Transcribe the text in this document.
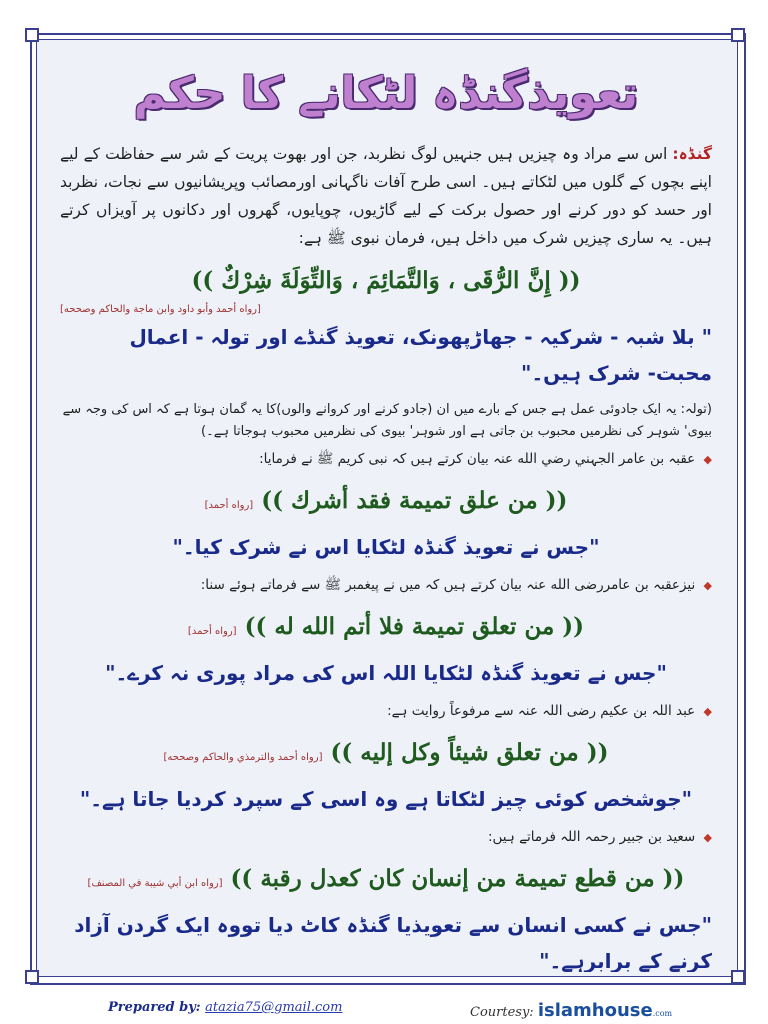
تعویذگنڈہ لٹکانے کا حکم
گنڈہ: اس سے مراد وہ چیزیں ہیں جنہیں لوگ نظربد، جن اور بھوت پریت کے شر سے حفاظت کے لیے اپنے بچوں کے گلوں میں لٹکاتے ہیں۔ اسی طرح آفات ناگہانی اورمصائب وپریشانیوں سے نجات، نظربد اور حسد کو دور کرنے اور حصول برکت کے لیے گاڑیوں، چوپایوں، گھروں اور دکانوں پر آویزاں کرتے ہیں۔ یہ ساری چیزیں شرک میں داخل ہیں، فرمان نبوی ﷺ ہے:
(( إِنَّ الرُّقَى ، وَالتَّمَائِمَ ، وَالتِّوَلَةَ شِرْكٌ ))
[رواه أحمد وأبو داود وابن ماجة والحاكم وصححه]
" بلا شبہ - شرکیہ - جھاڑپھونک، تعویذ گنڈے اور تولہ - اعمال محبت- شرک ہیں۔"
(تولہ: یہ ایک جادوئی عمل ہے جس کے بارے میں ان (جادو کرنے اور کروانے والوں)کا یہ گمان ہوتا ہے کہ اس کی وجہ سے بیوی' شوہر کی نظرمیں محبوب بن جاتی ہے اور شوہر' بیوی کی نظرمیں محبوب ہوجاتا ہے۔)
◆ عقبہ بن عامر الجہني رضي الله عنہ بیان کرتے ہیں کہ نبی کریم ﷺ نے فرمایا:
(( من علق تميمة فقد أشرك )) [رواه أحمد]
"جس نے تعویذ گنڈہ لٹکایا اس نے شرک کیا۔"
◆ نیزعقبہ بن عامررضی الله عنہ بیان کرتے ہیں کہ میں نے پیغمبر ﷺ سے فرماتے ہوئے سنا:
(( من تعلق تميمة فلا أتم الله له )) [رواه أحمد]
"جس نے تعویذ گنڈہ لٹکایا اللہ اس کی مراد پوری نہ کرے۔"
◆ عبد اللہ بن عکیم رضی اللہ عنہ سے مرفوعاً روایت ہے:
(( من تعلق شيئاً وكل إليه )) [رواه أحمد والترمذي والحاكم وصححه]
"جوشخص کوئی چیز لٹکاتا ہے وہ اسی کے سپرد کردیا جاتا ہے۔"
◆ سعید بن جبیر رحمہ اللہ فرماتے ہیں:
(( من قطع تميمة من إنسان كان كعدل رقبة )) [رواه ابن أبي شيبة في المصنف]
"جس نے کسی انسان سے تعویذیا گنڈہ کاٹ دیا تووہ ایک گردن آزاد کرنے کے برابرہے۔"
Prepared by: atazia75@gmail.com	Courtesy: islamhouse.com
